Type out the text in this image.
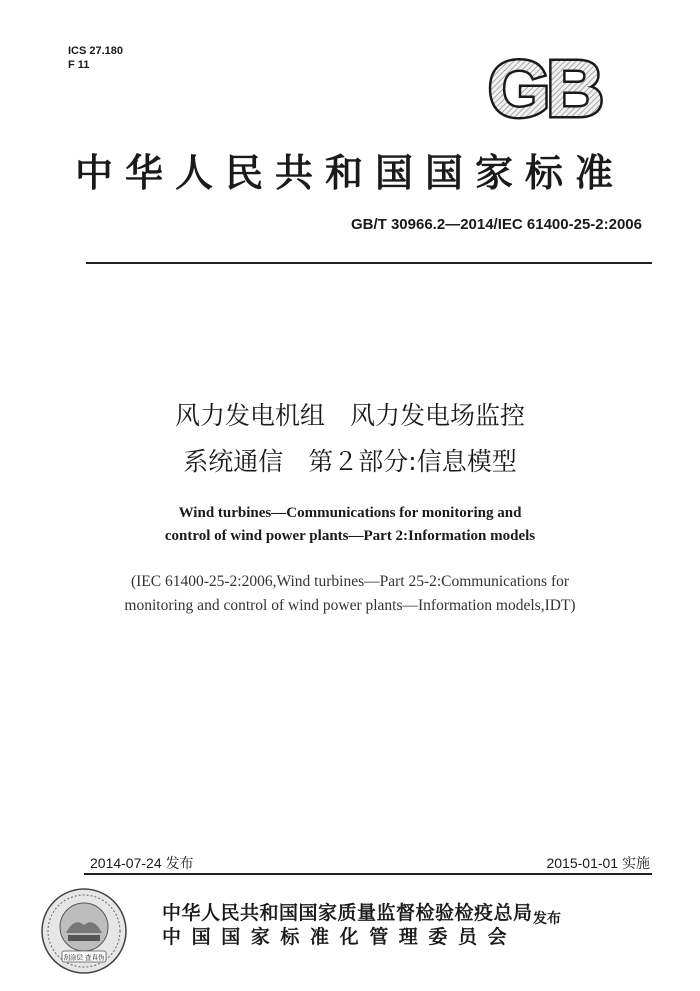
ICS 27.180
F 11	GB
中华人民共和国国家标准
GB/T 30966.2—2014/IEC 61400-25-2:2006
风力发电机组　风力发电场监控
系统通信　第２部分:信息模型
Wind turbines—Communications for monitoring and
control of wind power plants—Part 2:Information models
(IEC 61400-25-2:2006,Wind turbines—Part 25-2:Communications for
monitoring and control of wind power plants—Information models,IDT)
2014-07-24 发布	2015-01-01 实施
刮涂层 查真伪
中华人民共和国国家质量监督检验检疫总局
中国国家标准化管理委员会
发布
